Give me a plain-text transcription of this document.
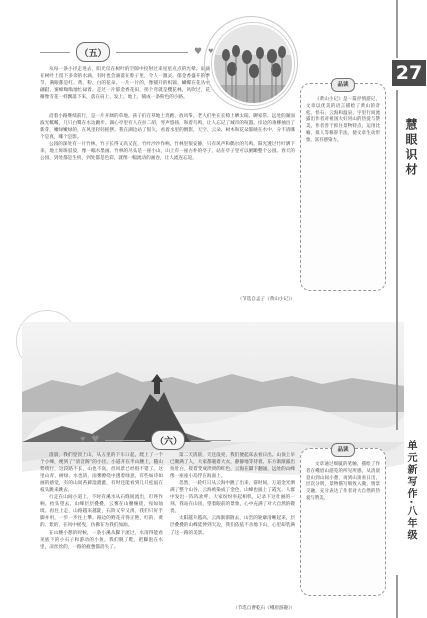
（五）	♥ ♥
品读

《黄山小记》是一篇抒情游记，文章以优美的语言描绘了黄山的奇松、怪石、云海和温泉，字里行间流露出作者对祖国大好河山的热爱与赞美。作者善于抓住景物特点，运用比喻、拟人等修辞手法，使文章生动形象，富有感染力。

从每一条小径走进去，阳光仅在树叶的空隙中投射过来星星点点的光晕。雨滴在树叶上留下多余的水滴，有时也会滴落在脖子里，令人一激灵。郁金香盛开的季节，满眼都是红、黄、粉、白的花朵，一片一片的，像铺开的织锦。蝴蝶在花丛中翩跹，蜜蜂嗡嗡地忙碌着。走过一片郁金香花田，拐个弯就是樱花林，风吹过，花瓣像雪花一样飘落下来，落在肩上、发上、地上，铺成一条粉色的小路。

沿着小路继续前行，是一片开阔的草地。孩子们在草地上奔跑、放风筝，老人们坐在长椅上晒太阳、聊家常。远处的湖面波光粼粼，几只白鹭在水边踱步。湖心亭里有人在拉二胡，琴声悠扬，和着鸟鸣，让人忘记了城市的喧嚣。岸边的垂柳抽出了新芽，嫩绿嫩绿的，在风里轻轻摇摆。我在湖边站了很久，看着水里的倒影，天空、云朵、树木和花朵都映在水中，分不清哪个是真，哪个是影。

公园的深处有一片竹林，竹子长得又高又直，竹叶沙沙作响。竹林里很安静，只有风声和偶尔的鸟鸣。阳光透过竹叶洒下来，地上斑斑驳驳，像一幅水墨画。竹林的尽头是一座小山，山上有一座古朴的亭子，站在亭子里可以俯瞰整个公园。春天的公园，到处都是生机，到处都是色彩，就像一幅流动的画卷，让人流连忘返。

（节选自孟子《黄山小记》）
♥ ♥	（六）

清晨，我们登顶上山，从五里的下车口起，爬上了一个个小峰，便到了“清音阁”的小径。小道开在半山腰上，随山势绕行，这段路不长，山也不高，但风景已经很不错了。这里山青、树绿、水也清，雨雾缭绕中透着绿意，有些如诗如画的感觉，有的山间苔藓湿漉漉，有时还能看到几只松鼠在枝头跳来跳去。

行走在山间小道上，不时有溪水从石缝间流出，叮咚作响。抬头望去，山峰层层叠叠，云雾在山腰缠绕，宛如仙境。再往上走，山路越来越陡，石阶又窄又滑，我们只好手脚并用，一步一步往上攀。路边的野花开得正艳，红的、黄的、紫的，在风中摇曳，仿佛在为我们加油。

在山腰小憩的时候，一条小溪从脚下流过，水清得能看见底下的小石子和游动的小鱼。我们脱了鞋，把脚泡在水里，凉丝丝的，一路的疲惫都消失了。

第二天清晨，天还没亮，我们便起床去看日出。山顶上早已聚满了人，大家都裹着大衣，静静地等待着。东方渐渐露出鱼肚白，接着变成淡淡的红色，云海在脚下翻涌，远处的山峰像一座座小岛浮在海面上。

忽然，一轮红日从云海中跳了出来，霎时间，万道金光洒满了整个山谷，云海被染成了金色，山峰也披上了霞光。人群中发出一阵阵欢呼，大家纷纷举起相机，记录下这壮丽的一刻。我站在山顶，望着眼前的景象，心中充满了对大自然的敬畏。

太阳越升越高，云海渐渐散去，山峦的轮廓清晰起来，层层叠叠的山峰延伸到天边，我们依依不舍地下山，心里却装满了这一路的美景。

（节选自曹乾石《峨眉游趣》）
品读

文章通过细腻的笔触，描绘了作者在峨眉山游览的所见所感。从清晨登山到山间小憩，再到山顶看日出，层次分明，景物描写细致入微，情景交融，充分表达了作者对大自然的热爱与赞美。

27
慧眼识材
单元新写作·八年级
